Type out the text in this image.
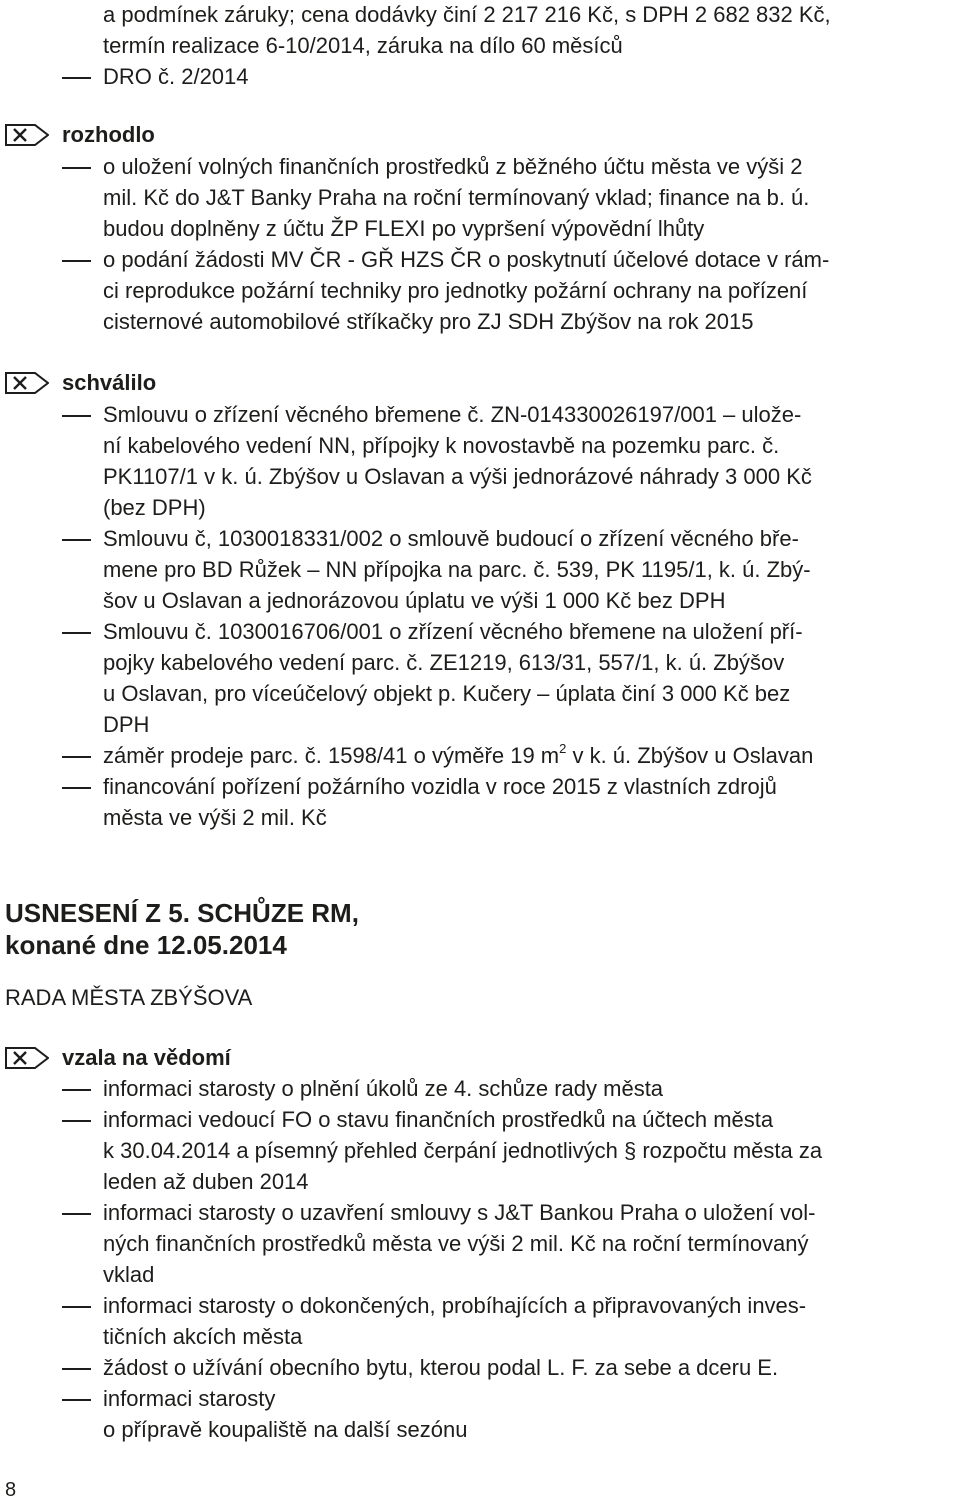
a podmínek záruky; cena dodávky činí 2 217 216 Kč, s DPH 2 682 832 Kč,
termín realizace 6-10/2014, záruka na dílo 60 měsíců
DRO č. 2/2014
rozhodlo
o uložení volných finančních prostředků z běžného účtu města ve výši 2
mil. Kč do J&T Banky Praha na roční termínovaný vklad; finance na b. ú.
budou doplněny z účtu ŽP FLEXI po vypršení výpovědní lhůty
o podání žádosti MV ČR - GŘ HZS ČR o poskytnutí účelové dotace v rám-
ci reprodukce požární techniky pro jednotky požární ochrany na pořízení
cisternové automobilové stříkačky pro ZJ SDH Zbýšov na rok 2015
schválilo
Smlouvu o zřízení věcného břemene č. ZN-014330026197/001 – ulože-
ní kabelového vedení NN, přípojky k novostavbě na pozemku parc. č.
PK1107/1 v k. ú. Zbýšov u Oslavan a výši jednorázové náhrady 3 000 Kč
(bez DPH)
Smlouvu č, 1030018331/002 o smlouvě budoucí o zřízení věcného bře-
mene pro BD Růžek – NN přípojka na parc. č. 539, PK 1195/1, k. ú. Zbý-
šov u Oslavan a jednorázovou úplatu ve výši 1 000 Kč bez DPH
Smlouvu č. 1030016706/001 o zřízení věcného břemene na uložení pří-
pojky kabelového vedení parc. č. ZE1219, 613/31, 557/1, k. ú. Zbýšov
u Oslavan, pro víceúčelový objekt p. Kučery – úplata činí 3 000 Kč bez
DPH
záměr prodeje parc. č. 1598/41 o výměře 19 $m^2$ v k. ú. Zbýšov u Oslavan
financování pořízení požárního vozidla v roce 2015 z vlastních zdrojů
města ve výši 2 mil. Kč
USNESENÍ Z 5. SCHŮZE RM,
konané dne 12.05.2014
RADA MĚSTA ZBÝŠOVA
vzala na vědomí
informaci starosty o plnění úkolů ze 4. schůze rady města
informaci vedoucí FO o stavu finančních prostředků na účtech města
k 30.04.2014 a písemný přehled čerpání jednotlivých § rozpočtu města za
leden až duben 2014
informaci starosty o uzavření smlouvy s J&T Bankou Praha o uložení vol-
ných finančních prostředků města ve výši 2 mil. Kč na roční termínovaný
vklad
informaci starosty o dokončených, probíhajících a připravovaných inves-
tičních akcích města
žádost o užívání obecního bytu, kterou podal L. F. za sebe a dceru E.
informaci starosty
o přípravě koupaliště na další sezónu
8
